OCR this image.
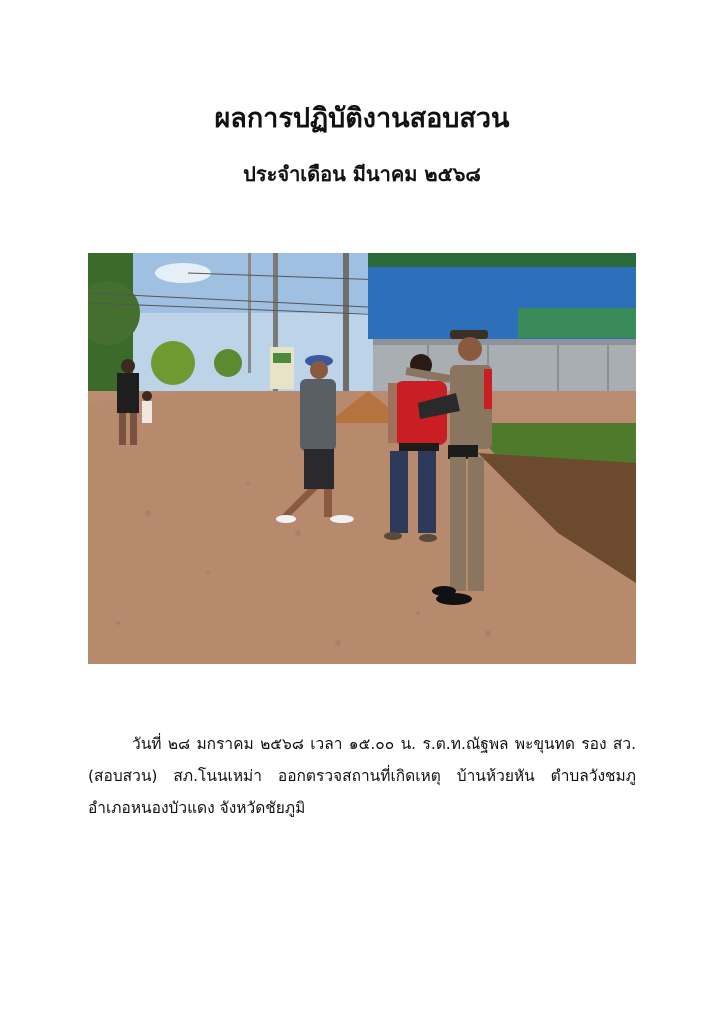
ผลการปฏิบัติงานสอบสวน
ประจำเดือน มีนาคม ๒๕๖๘

วันที่ ๒๘ มกราคม ๒๕๖๘ เวลา ๑๕.๐๐ น. ร.ต.ท.ณัฐพล พะขุนทด รอง สว.(สอบสวน) สภ.โนนเหม่า ออกตรวจสถานที่เกิดเหตุ บ้านห้วยหัน ตำบลวังชมภู อำเภอหนองบัวแดง จังหวัดชัยภูมิ
